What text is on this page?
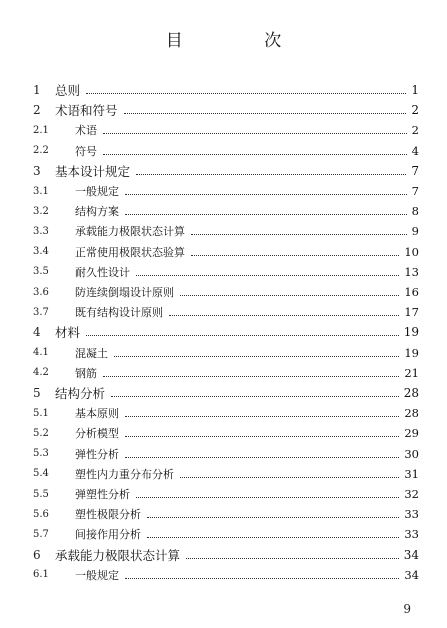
目 次
1 总则	1
2 术语和符号	2
2.1 术语	2
2.2 符号	4
3 基本设计规定	7
3.1 一般规定	7
3.2 结构方案	8
3.3 承载能力极限状态计算	9
3.4 正常使用极限状态验算	10
3.5 耐久性设计	13
3.6 防连续倒塌设计原则	16
3.7 既有结构设计原则	17
4 材料	19
4.1 混凝土	19
4.2 钢筋	21
5 结构分析	28
5.1 基本原则	28
5.2 分析模型	29
5.3 弹性分析	30
5.4 塑性内力重分布分析	31
5.5 弹塑性分析	32
5.6 塑性极限分析	33
5.7 间接作用分析	33
6 承载能力极限状态计算	34
6.1 一般规定	34
9
